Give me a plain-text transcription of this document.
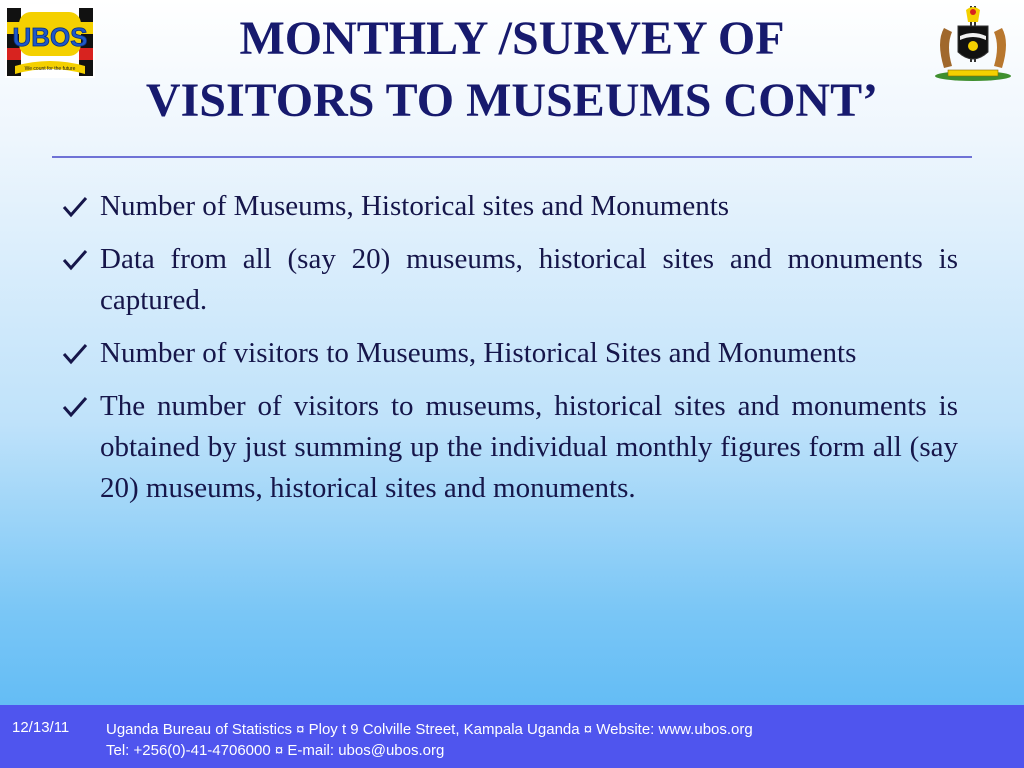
UBOS
We count for the future
MONTHLY /SURVEY OF
VISITORS TO MUSEUMS CONT’
Number of Museums, Historical sites and Monuments
Data from all (say 20) museums, historical sites and monuments is captured.
Number of visitors to Museums, Historical Sites and Monuments
The number of visitors to museums, historical sites and monuments is obtained by just summing up the individual monthly figures form all (say 20) museums, historical sites and monuments.
12/13/11 Uganda Bureau of Statistics ¤ Ploy t 9 Colville Street, Kampala Uganda ¤ Website: www.ubos.org
Tel: +256(0)-41-4706000 ¤ E-mail: ubos@ubos.org
